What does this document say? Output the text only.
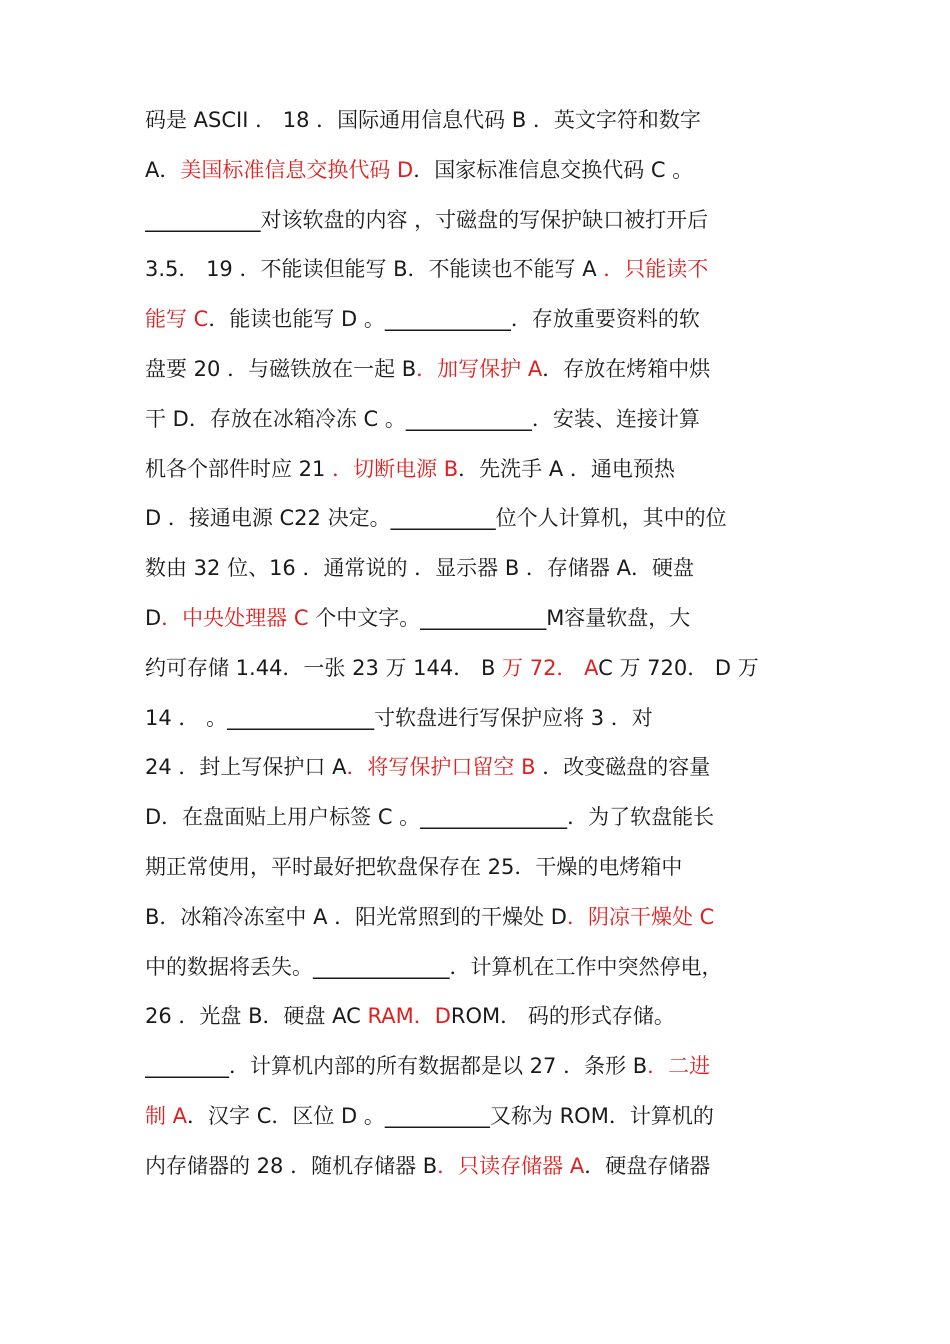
码是 ASCII ． 18 ．国际通用信息代码 B ．英文字符和数字
A．美国标准信息交换代码 D．国家标准信息交换代码 C 。
___________对该软盘的内容 ，寸磁盘的写保护缺口被打开后
3.5． 19 ．不能读但能写 B．不能读也不能写 A ．只能读不
能写 C．能读也能写 D 。____________．存放重要资料的软
盘要 20 ．与磁铁放在一起 B．加写保护 A．存放在烤箱中烘
干 D．存放在冰箱冷冻 C 。____________．安装、连接计算
机各个部件时应 21 ．切断电源 B．先洗手 A ．通电预热
D ．接通电源 C22 决定。__________位个人计算机，其中的位
数由 32 位、16 ．通常说的 ．显示器 B ．存储器 A．硬盘
D．中央处理器 C 个中文字。____________M容量软盘，大
约可存储 1.44．一张 23 万 144． B 万 72． AC 万 720． D 万
14 ． 。______________寸软盘进行写保护应将 3 ．对
24 ．封上写保护口 A．将写保护口留空 B ．改变磁盘的容量
D．在盘面贴上用户标签 C 。______________．为了软盘能长
期正常使用，平时最好把软盘保存在 25．干燥的电烤箱中
B．冰箱冷冻室中 A ．阳光常照到的干燥处 D．阴凉干燥处 C
中的数据将丢失。_____________．计算机在工作中突然停电，
26 ．光盘 B．硬盘 AC RAM．DROM． 码的形式存储。
________．计算机内部的所有数据都是以 27 ．条形 B．二进
制 A．汉字 C．区位 D 。__________又称为 ROM．计算机的
内存储器的 28 ．随机存储器 B．只读存储器 A．硬盘存储器
